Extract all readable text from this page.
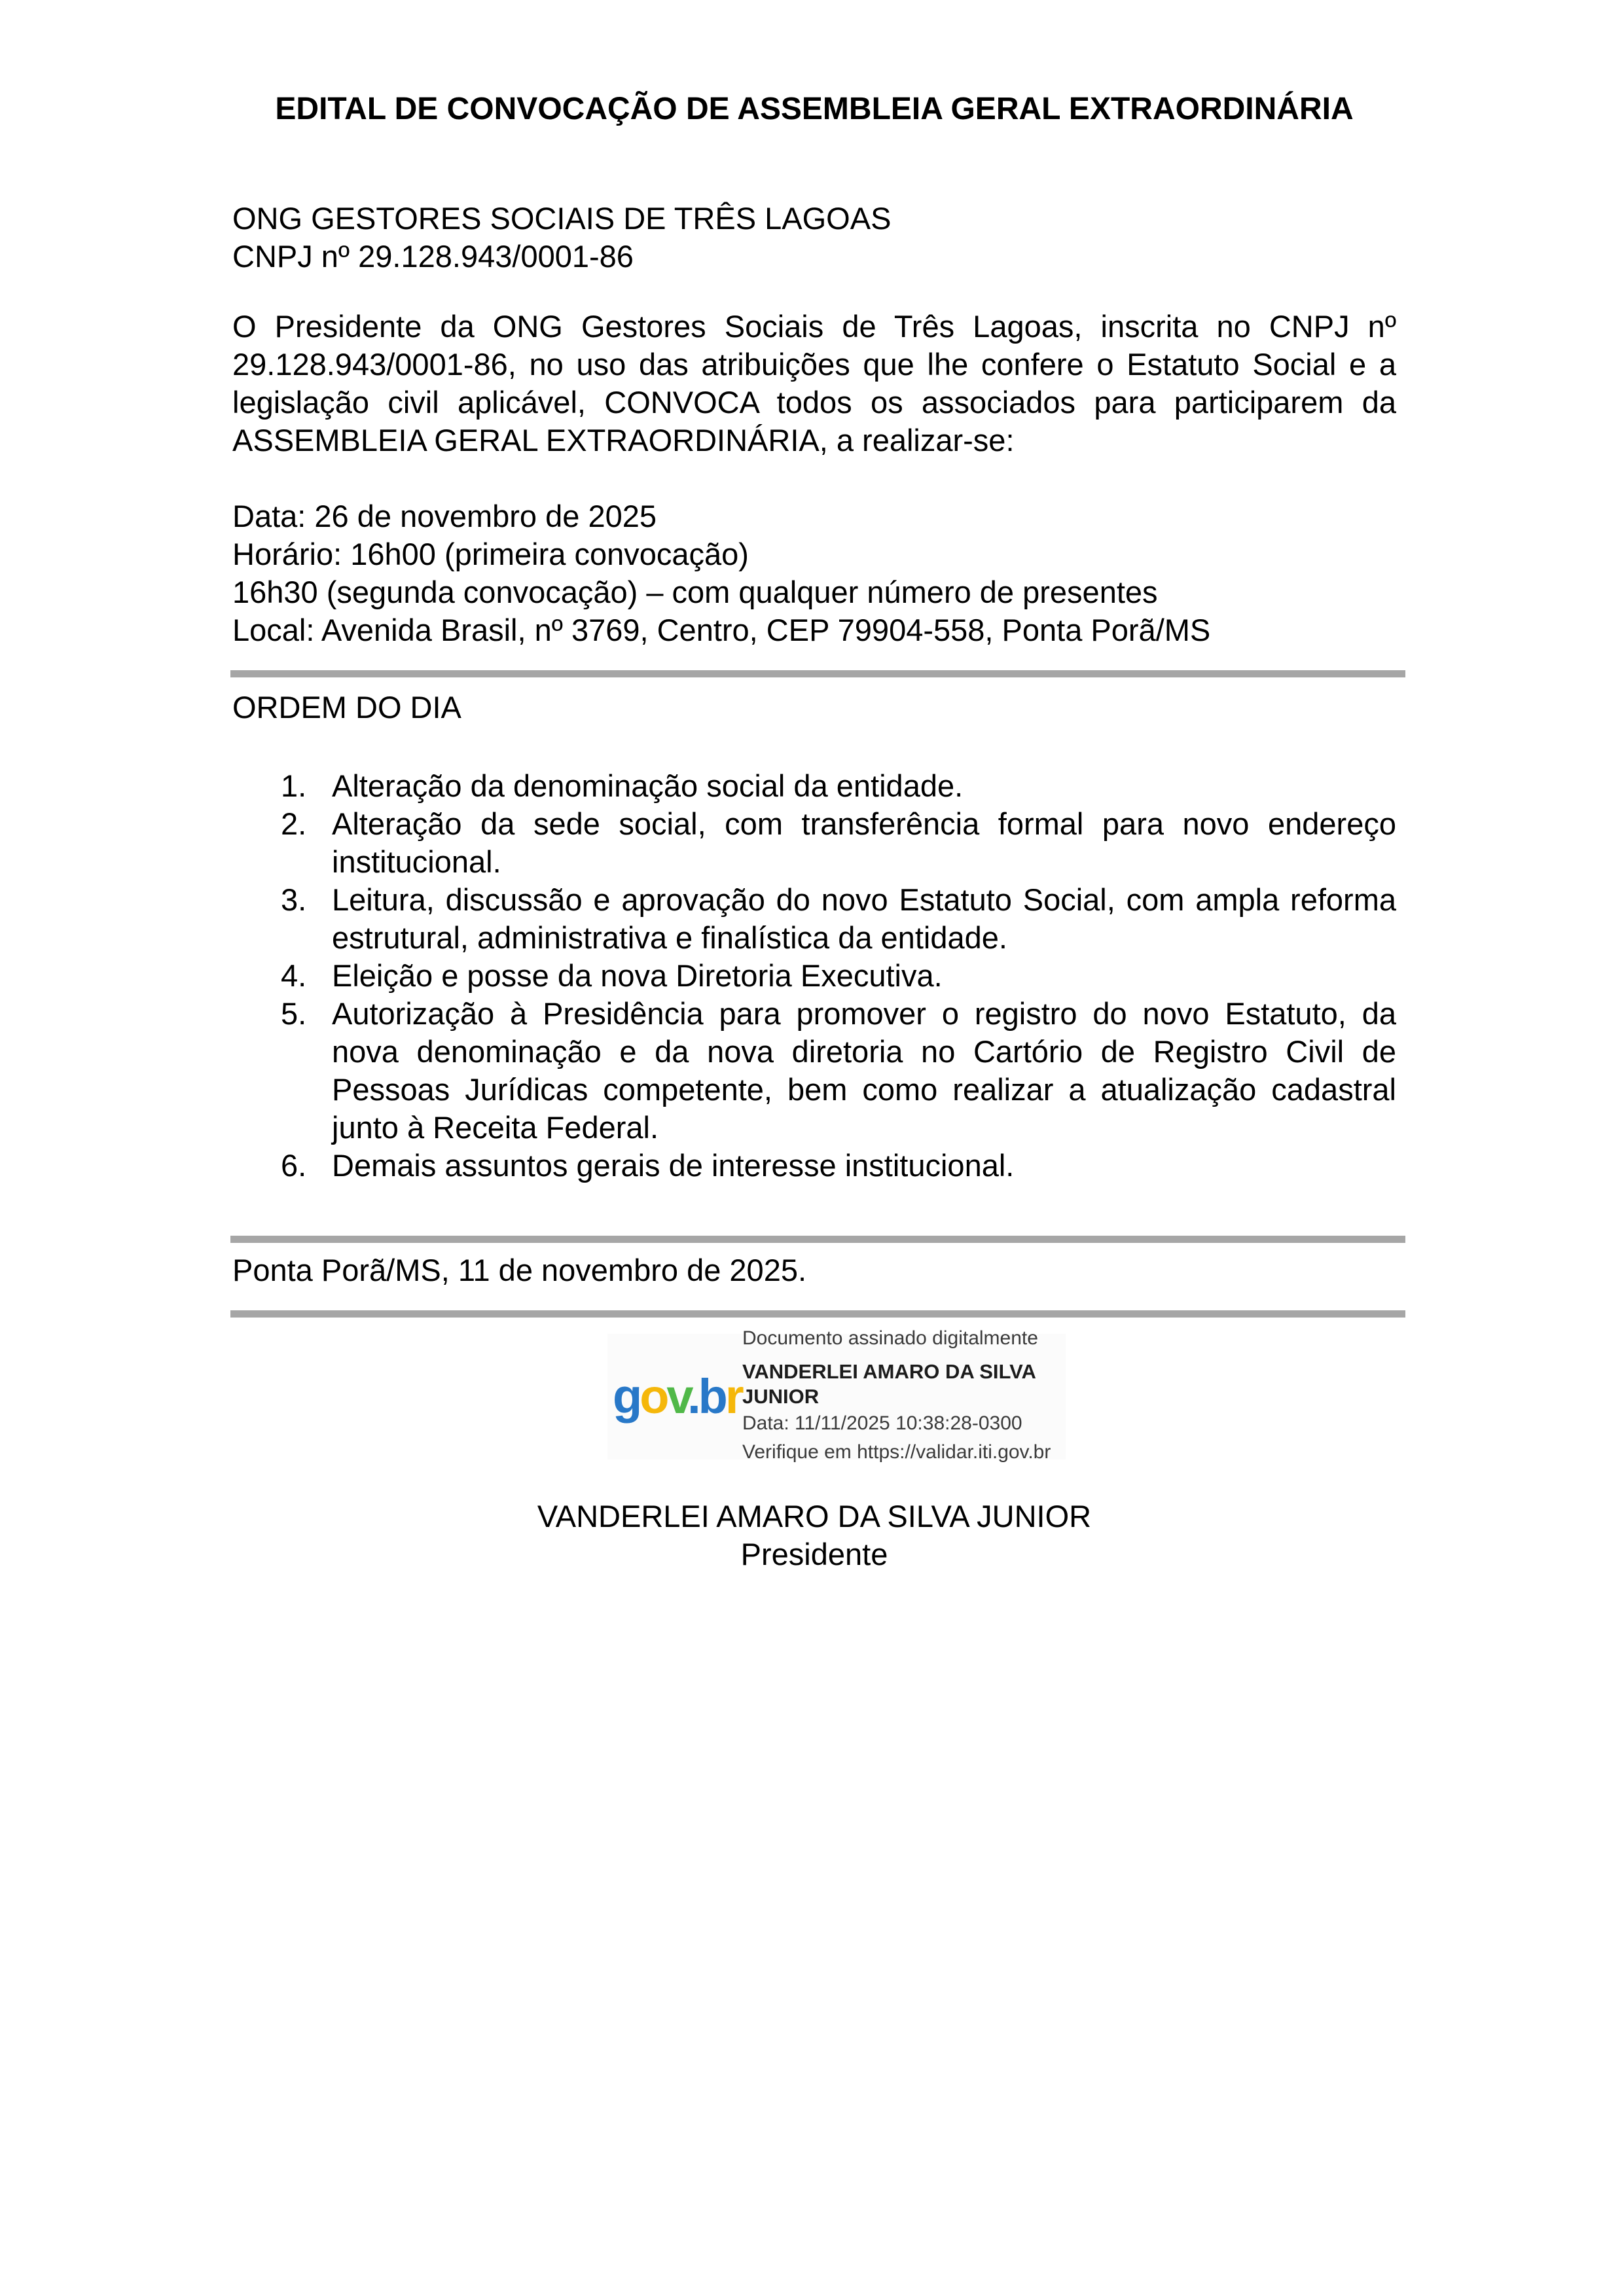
EDITAL DE CONVOCAÇÃO DE ASSEMBLEIA GERAL EXTRAORDINÁRIA
ONG GESTORES SOCIAIS DE TRÊS LAGOAS
CNPJ nº 29.128.943/0001-86

O Presidente da ONG Gestores Sociais de Três Lagoas, inscrita no CNPJ nº 29.128.943/0001-86, no uso das atribuições que lhe confere o Estatuto Social e a legislação civil aplicável, CONVOCA todos os associados para participarem da ASSEMBLEIA GERAL EXTRAORDINÁRIA, a realizar-se:

Data: 26 de novembro de 2025
Horário: 16h00 (primeira convocação)
16h30 (segunda convocação) – com qualquer número de presentes
Local: Avenida Brasil, nº 3769, Centro, CEP 79904-558, Ponta Porã/MS
ORDEM DO DIA
1. Alteração da denominação social da entidade.
2. Alteração da sede social, com transferência formal para novo endereço institucional.
3. Leitura, discussão e aprovação do novo Estatuto Social, com ampla reforma estrutural, administrativa e finalística da entidade.
4. Eleição e posse da nova Diretoria Executiva.
5. Autorização à Presidência para promover o registro do novo Estatuto, da nova denominação e da nova diretoria no Cartório de Registro Civil de Pessoas Jurídicas competente, bem como realizar a atualização cadastral junto à Receita Federal.
6. Demais assuntos gerais de interesse institucional.
Ponta Porã/MS, 11 de novembro de 2025.
gov.br
Documento assinado digitalmente
VANDERLEI AMARO DA SILVA JUNIOR
Data: 11/11/2025 10:38:28-0300
Verifique em https://validar.iti.gov.br
VANDERLEI AMARO DA SILVA JUNIOR
Presidente
